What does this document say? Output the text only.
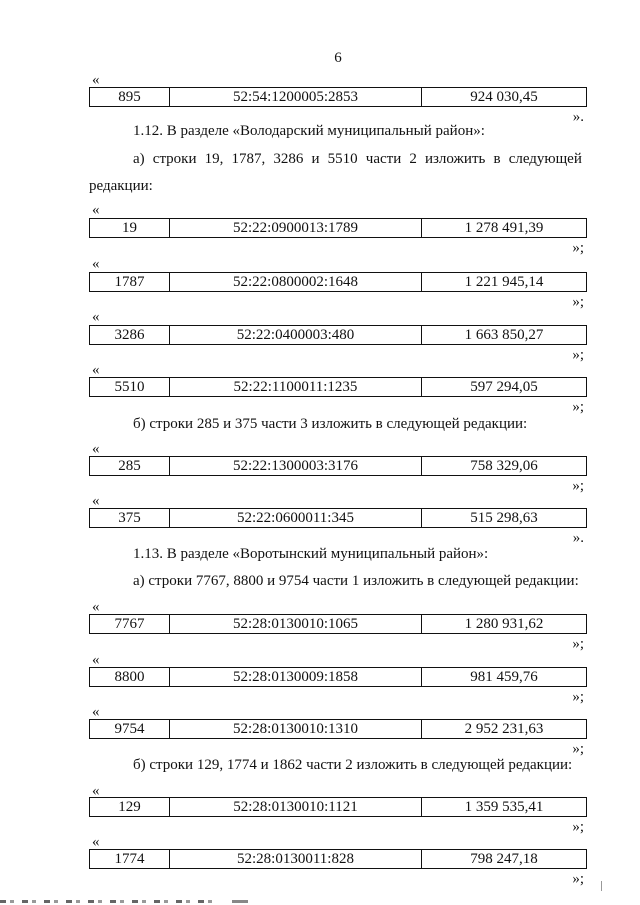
6
«
895	52:54:1200005:2853	924 030,45
».
1.12. В разделе «Володарский муниципальный район»:
а) строки 19, 1787, 3286 и 5510 части 2 изложить в следующей
редакции:
«
19	52:22:0900013:1789	1 278 491,39
»;
«
1787	52:22:0800002:1648	1 221 945,14
»;
«
3286	52:22:0400003:480	1 663 850,27
»;
«
5510	52:22:1100011:1235	597 294,05
»;
б) строки 285 и 375 части 3 изложить в следующей редакции:
«
285	52:22:1300003:3176	758 329,06
»;
«
375	52:22:0600011:345	515 298,63
».
1.13. В разделе «Воротынский муниципальный район»:
а) строки 7767, 8800 и 9754 части 1 изложить в следующей редакции:
«
7767	52:28:0130010:1065	1 280 931,62
»;
«
8800	52:28:0130009:1858	981 459,76
»;
«
9754	52:28:0130010:1310	2 952 231,63
»;
б) строки 129, 1774 и 1862 части 2 изложить в следующей редакции:
«
129	52:28:0130010:1121	1 359 535,41
»;
«
1774	52:28:0130011:828	798 247,18
»;
